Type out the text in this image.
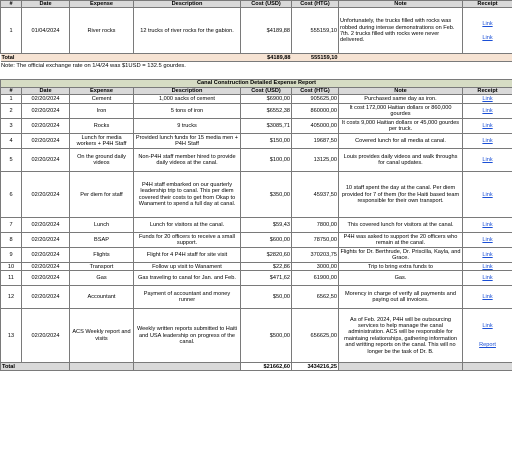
#	Date	Expense	Description	Cost (USD)	Cost (HTG)	Note	Receipt
1	01/04/2024	River rocks	12 trucks of river rocks for the gabion.	$4189,88	555159,10	Unfortunately, the trucks filled with rocks was robbed during intense demonstrations on Feb. 7th. 2 trucks filled with rocks were never delivered.	Link
Link

Total				$4189,88	555159,10		
Note: The official exchange rate on 1/4/24 was $1USD = 132.5 gourdes.
Canal Construction Detailed Expense Report							
#	Date	Expense	Description	Cost (USD)	Cost (HTG)	Note	Receipt
1	02/20/2024	Cement	1,000 sacks of cement	$6900,00	905625,00	Purchased same day as iron.	Link

2	02/20/2024	Iron	5 tons of iron	$6552,38	860000,00	It cost 172,000 Haitian dollars or 860,000 gourdes	Link

3	02/20/2024	Rocks	9 trucks	$3085,71	405000,00	It costs 9,000 Haitian dollars or 45,000 gourdes per truck.	Link

4	02/20/2024	Lunch for media workers + P4H Staff	Provided lunch funds for 15 media men + P4H Staff	$150,00	19687,50	Covered lunch for all media at canal.	Link

5	02/20/2024	On the ground daily videos	Non-P4H staff member hired to provide daily videos at the canal.	$100,00	13125,00	Louis provides daily videos and walk throughs for canal updates.	Link

6	02/20/2024	Per diem for staff	P4H staff embarked on our quarterly leadership trip to canal. This per diem covered their costs to get from Okap to Wanament to spend a full day at canal.	$350,00	45937,50	10 staff spent the day at the canal. Per diem provided for 7 of them (for the Haiti based team responsible for their own transport.	Link

7	02/20/2024	Lunch	Lunch for visitors at the canal.	$59,43	7800,00	This covered lunch for visitors at the canal.	Link

8	02/20/2024	BSAP	Funds for 20 officers to receive a small support.	$600,00	78750,00	P4H was asked to support the 20 officers who remain at the canal.	Link

9	02/20/2024	Flights	Flight for 4 P4H staff for site visit	$2820,60	370203,75	Flights for Dr. Berthrude, Dr. Priscilla, Kayla, and Grace.	Link

10	02/20/2024	Transport	Follow up visit to Wanament	$22,86	3000,00	Trip to bring extra funds to	Link

11	02/20/2024	Gas	Gas traveling to canal for Jan. and Feb.	$471,62	61900,00	Gas.	Link

12	02/20/2024	Accountant	Payment of accountant and money runner	$50,00	6562,50	Morency in charge of verify all payments and paying out all invoices.	Link

13	02/20/2024	ACS Weekly report and visits	Weekly written reports submitted to Haiti and USA leadership on progress of the canal.	$500,00	656625,00	As of Feb. 2024, P4H will be outsourcing services to help manage the canal administration. ACS will be responsible for maintaing relationships, gathering information and writting reports on the canal. This will no longer be the task of Dr. B.	Link
Report

Total				$21662,60	3434216,25		
